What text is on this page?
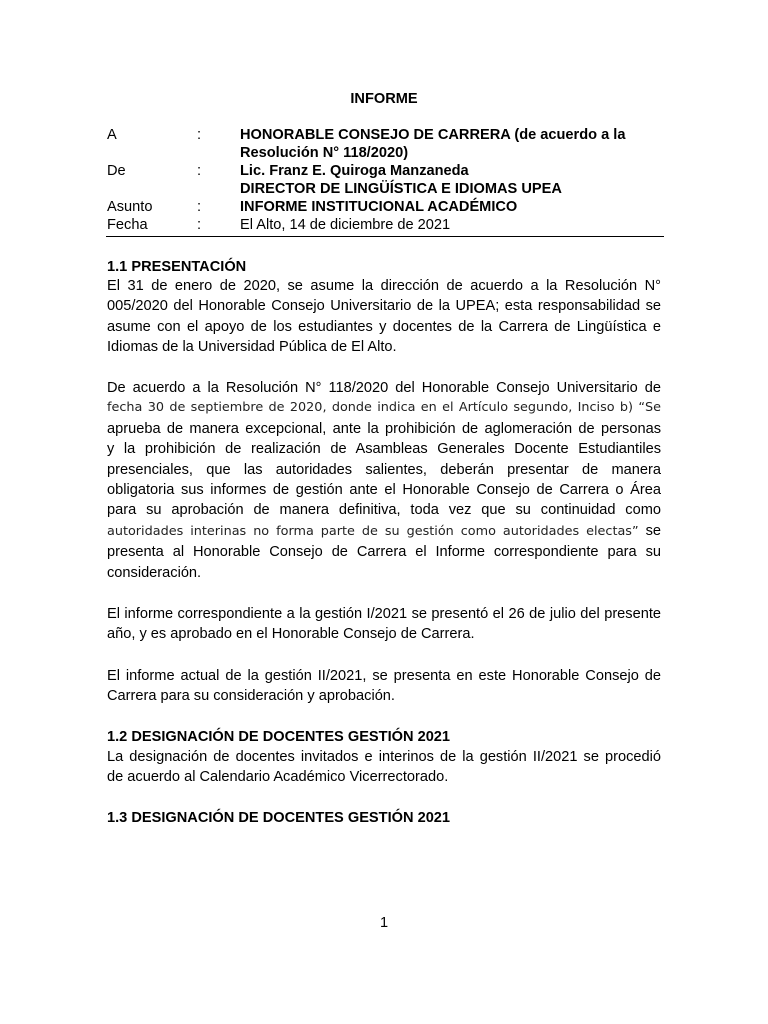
INFORME
A	:	HONORABLE CONSEJO DE CARRERA (de acuerdo a la
Resolución N° 118/2020)
De	:	Lic. Franz E. Quiroga Manzaneda
DIRECTOR DE LINGÜÍSTICA E IDIOMAS UPEA
Asunto	:	INFORME INSTITUCIONAL ACADÉMICO
Fecha	:	El Alto, 14 de diciembre de 2021
1.1 PRESENTACIÓN
El 31 de enero de 2020, se asume la dirección de acuerdo a la Resolución N°
005/2020 del Honorable Consejo Universitario de la UPEA; esta responsabilidad se
asume con el apoyo de los estudiantes y docentes de la Carrera de Lingüística e
Idiomas de la Universidad Pública de El Alto.
De acuerdo a la Resolución N° 118/2020 del Honorable Consejo Universitario de
fecha 30 de septiembre de 2020, donde indica en el Artículo segundo, Inciso b) “Se
aprueba de manera excepcional, ante la prohibición de aglomeración de personas
y la prohibición de realización de Asambleas Generales Docente Estudiantiles
presenciales, que las autoridades salientes, deberán presentar de manera
obligatoria sus informes de gestión ante el Honorable Consejo de Carrera o Área
para su aprobación de manera definitiva, toda vez que su continuidad como
autoridades interinas no forma parte de su gestión como autoridades electas” se
presenta al Honorable Consejo de Carrera el Informe correspondiente para su
consideración.
El informe correspondiente a la gestión I/2021 se presentó el 26 de julio del presente
año, y es aprobado en el Honorable Consejo de Carrera.
El informe actual de la gestión II/2021, se presenta en este Honorable Consejo de
Carrera para su consideración y aprobación.
1.2 DESIGNACIÓN DE DOCENTES GESTIÓN 2021
La designación de docentes invitados e interinos de la gestión II/2021 se procedió
de acuerdo al Calendario Académico Vicerrectorado.
1.3 DESIGNACIÓN DE DOCENTES GESTIÓN 2021
1
